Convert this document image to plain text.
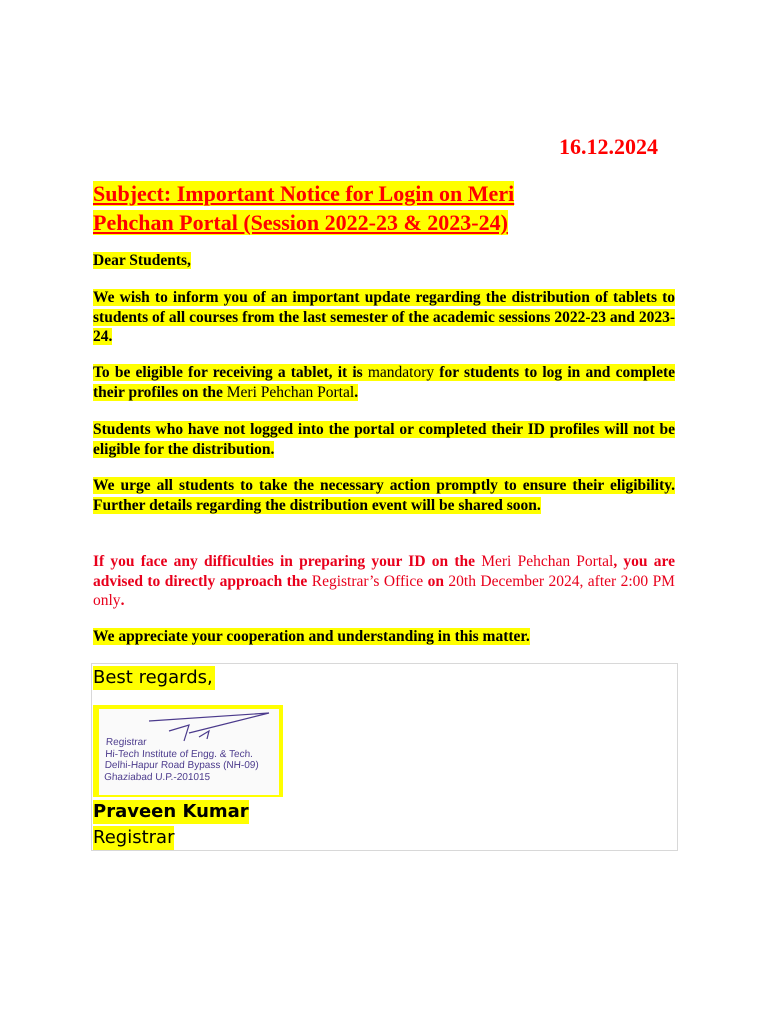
16.12.2024
Subject: Important Notice for Login on Meri
Pehchan Portal (Session 2022-23 & 2023-24)

Dear Students,

We wish to inform you of an important update regarding the distribution of tablets to students of all courses from the last semester of the academic sessions 2022-23 and 2023-24.

To be eligible for receiving a tablet, it is mandatory for students to log in and complete their profiles on the Meri Pehchan Portal.

Students who have not logged into the portal or completed their ID profiles will not be eligible for the distribution.

We urge all students to take the necessary action promptly to ensure their eligibility. Further details regarding the distribution event will be shared soon.

If you face any difficulties in preparing your ID on the Meri Pehchan Portal, you are advised to directly approach the Registrar’s Office on 20th December 2024, after 2:00 PM only.

We appreciate your cooperation and understanding in this matter.

Best regards,
Registrar
Hi-Tech Institute of Engg. & Tech.
Delhi-Hapur Road Bypass (NH-09)
Ghaziabad U.P.-201015
Praveen Kumar
Registrar
